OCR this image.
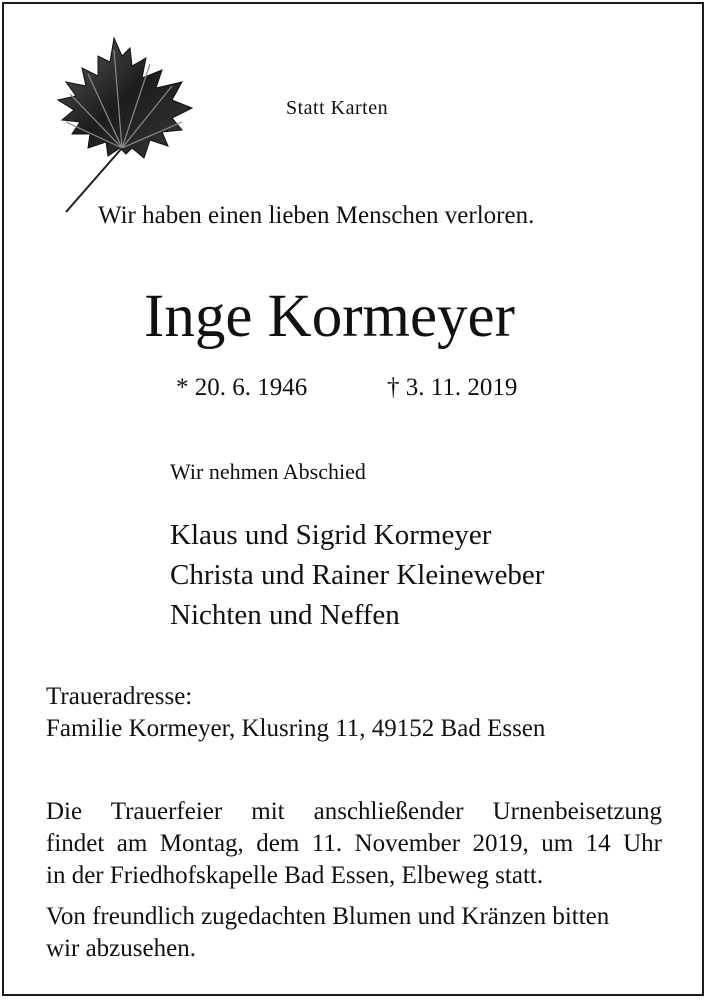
Statt Karten
Wir haben einen lieben Menschen verloren.
Inge Kormeyer
* 20. 6. 1946	† 3. 11. 2019
Wir nehmen Abschied
Klaus und Sigrid Kormeyer
Christa und Rainer Kleineweber
Nichten und Neffen
Traueradresse:
Familie Kormeyer, Klusring 11, 49152 Bad Essen
Die Trauerfeier mit anschließender Urnenbeisetzung
findet am Montag, dem 11. November 2019, um 14 Uhr
in der Friedhofskapelle Bad Essen, Elbeweg statt.
Von freundlich zugedachten Blumen und Kränzen bitten
wir abzusehen.
